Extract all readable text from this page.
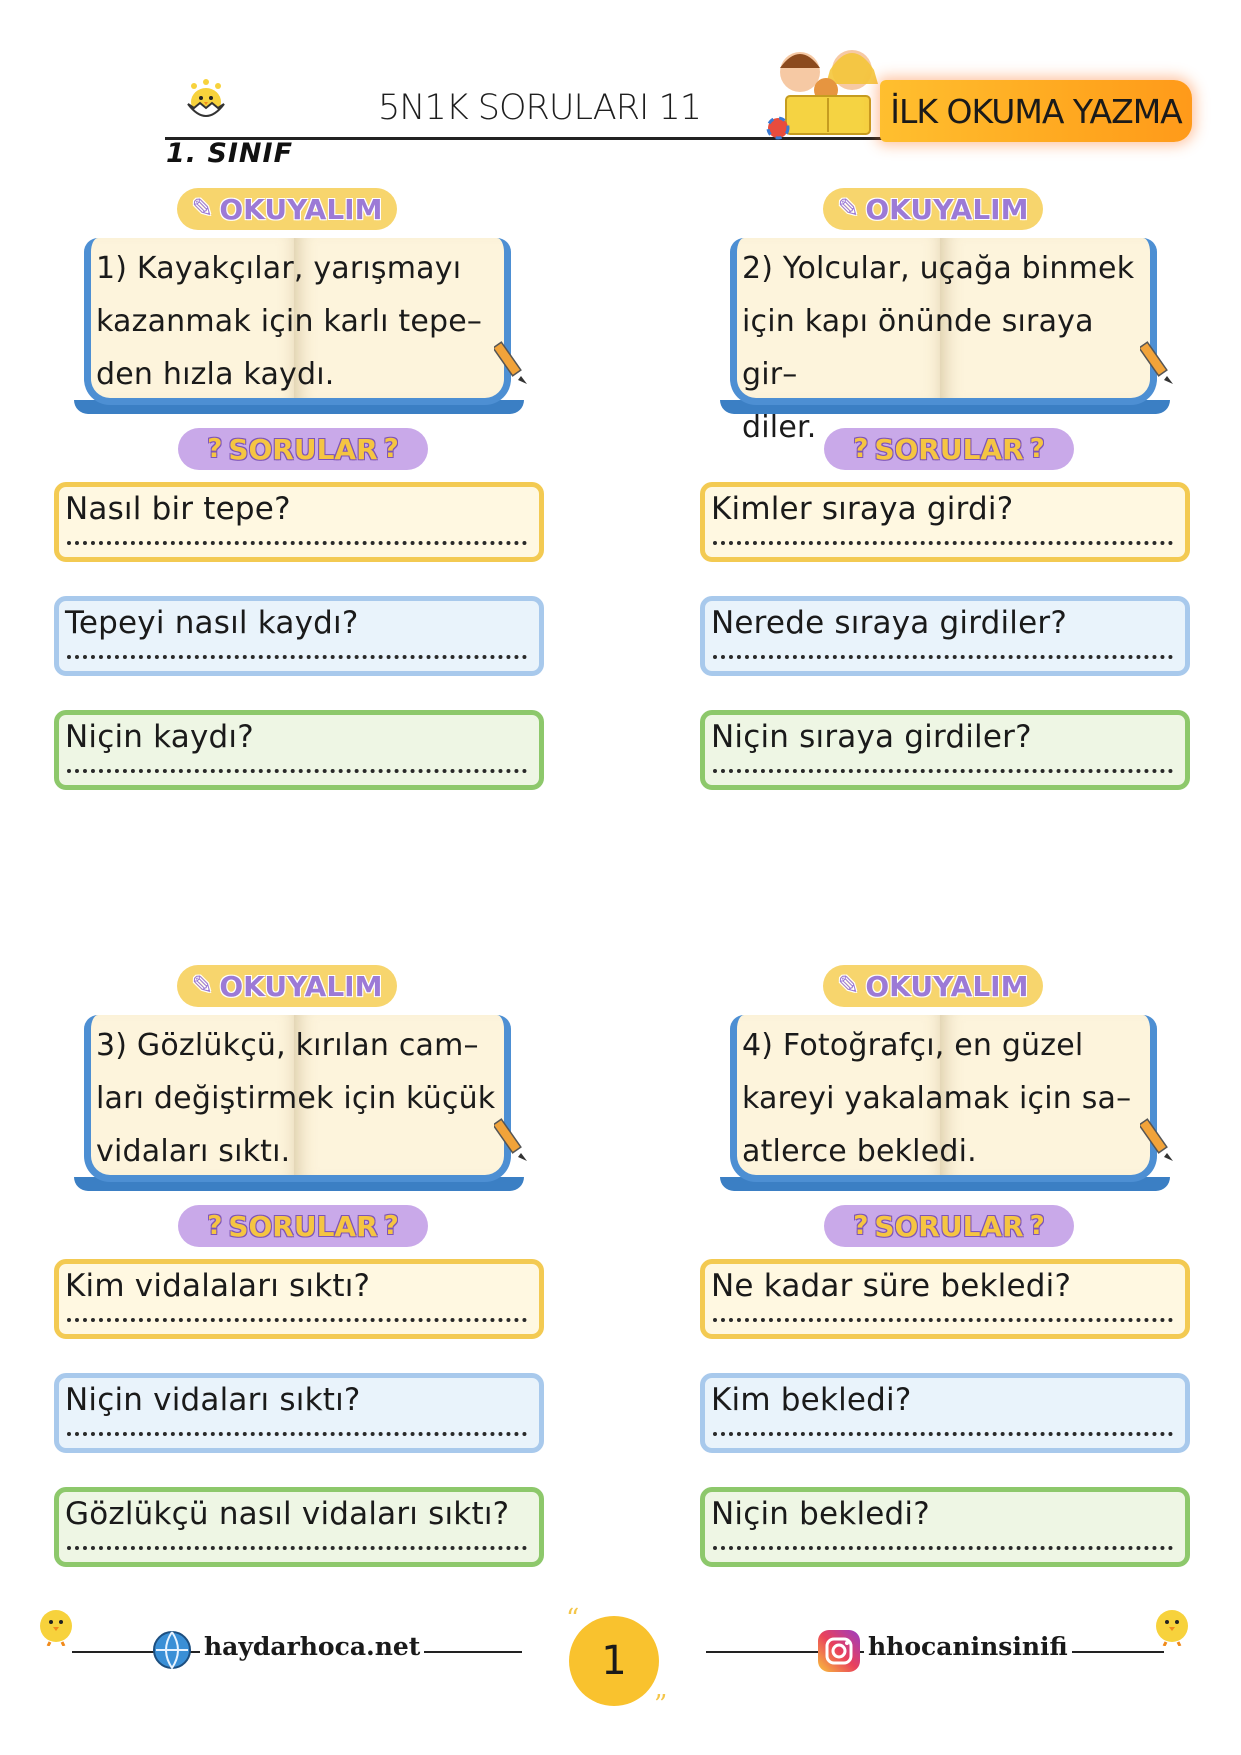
5N1K SORULARI 11
1. SINIF
İLK OKUMA YAZMA
✎ OKUYALIM
1) Kayakçılar, yarışmayı
kazanmak için karlı tepe–
den hızla kaydı.
? SORULAR ?
Nasıl bir tepe?
Tepeyi nasıl kaydı?
Niçin kaydı?
✎ OKUYALIM
2) Yolcular, uçağa binmek
için kapı önünde sıraya gir–
diler.
? SORULAR ?
Kimler sıraya girdi?
Nerede sıraya girdiler?
Niçin sıraya girdiler?
✎ OKUYALIM
3) Gözlükçü, kırılan cam–
ları değiştirmek için küçük
vidaları sıktı.
? SORULAR ?
Kim vidalaları sıktı?
Niçin vidaları sıktı?
Gözlükçü nasıl vidaları sıktı?
✎ OKUYALIM
4) Fotoğrafçı, en güzel
kareyi yakalamak için sa–
atlerce bekledi.
? SORULAR ?
Ne kadar süre bekledi?
Kim bekledi?
Niçin bekledi?
haydarhoca.net
“
1
”
hhocaninsinifi
